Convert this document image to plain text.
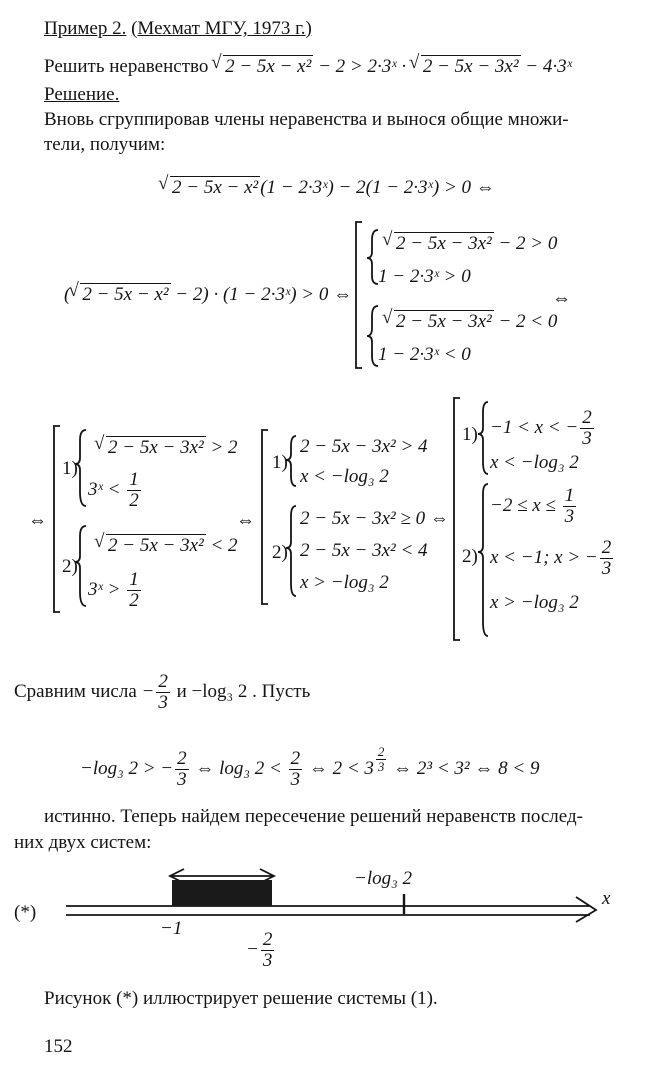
Пример 2. (Мехмат МГУ, 1973 г.)
Решить неравенство √ 2 − 5x − x² − 2 > 2·3ˣ · √ 2 − 5x − 3x² − 4·3ˣ
Решение.
Вновь сгруппировав члены неравенства и вынося общие множи-
тели, получим:
√ 2 − 5x − x² (1 − 2·3ˣ) − 2(1 − 2·3ˣ) > 0 ⇔
( √ 2 − 5x − x² − 2) · (1 − 2·3ˣ) > 0 ⇔
√ 2 − 5x − 3x² − 2 > 0
1 − 2·3ˣ > 0
√ 2 − 5x − 3x² − 2 < 0
1 − 2·3ˣ < 0
⇔
⇔
1)
√ 2 − 5x − 3x² > 2
3ˣ < $\frac{1}{2}$
2)
√ 2 − 5x − 3x² < 2
3ˣ > $\frac{1}{2}$
⇔
1)
2 − 5x − 3x² > 4
x < −log₃ 2
2)
2 − 5x − 3x² ≥ 0 ⇔
2 − 5x − 3x² < 4
x > −log₃ 2
1) −1 < x < − $\frac{2}{3}$
x < −log₃ 2
2)
$-2 \le x \le \frac{1}{3}$
x < −1; x > − $\frac{2}{3}$
x > −log₃ 2
Сравним числа − $\frac{2}{3}$ и −log₃ 2 . Пусть
−log₃ 2 > − $\frac{2}{3}$ ⇔ log₃ $2 < \frac{2}{3}$ ⇔ $2 < 3 \frac{2}{3}$ ⇔ 2³ < 3² ⇔ 8 < 9
истинно. Теперь найдем пересечение решений неравенств послед-
них двух систем:
(*)
x
−log₃ 2
−1
− $\frac{2}{3}$
Рисунок (*) иллюстрирует решение системы (1).
152
